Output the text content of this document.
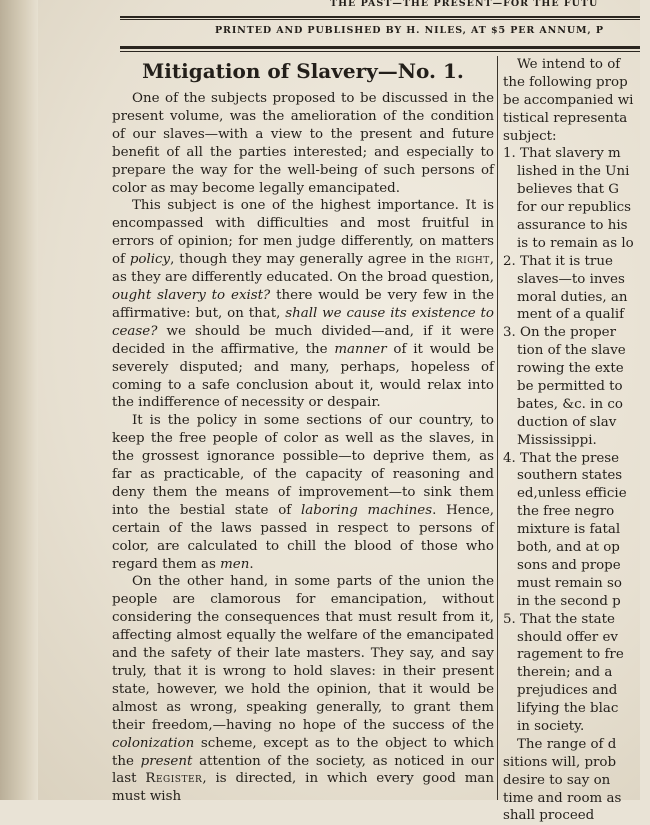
THE PAST—THE PRESENT—FOR THE FUTU
PRINTED AND PUBLISHED BY H. NILES, AT $5 PER ANNUM, P
Mitigation of Slavery—No. 1.

One of the subjects proposed to be discussed in the present volume, was the amelioration of the condition of our slaves—with a view to the present and future benefit of all the parties interested; and especially to prepare the way for the well-being of such persons of color as may become legally emancipated.

This subject is one of the highest importance. It is encompassed with difficulties and most fruitful in errors of opinion; for men judge differently, on matters of policy, though they may generally agree in the right, as they are differently educated. On the broad question, ought slavery to exist? there would be very few in the affirmative: but, on that, shall we cause its existence to cease? we should be much divided—and, if it were decided in the affirmative, the manner of it would be severely disputed; and many, perhaps, hopeless of coming to a safe conclusion about it, would relax into the indifference of necessity or despair.

It is the policy in some sections of our country, to keep the free people of color as well as the slaves, in the grossest ignorance possible—to deprive them, as far as practicable, of the capacity of reasoning and deny them the means of improvement—to sink them into the bestial state of laboring machines. Hence, certain of the laws passed in respect to persons of color, are calculated to chill the blood of those who regard them as men.

On the other hand, in some parts of the union the people are clamorous for emancipation, without considering the consequences that must result from it, affecting almost equally the welfare of the emancipated and the safety of their late masters. They say, and say truly, that it is wrong to hold slaves: in their present state, however, we hold the opinion, that it would be almost as wrong, speaking generally, to grant them their freedom,—having no hope of the success of the colonization scheme, except as to the object to which the present attention of the society, as noticed in our last Register, is directed, in which every good man must wish

We intend to of
the following prop
be accompanied wi
tistical representa
subject:
1. That slavery m
lished in the Uni
believes that G
for our republics
assurance to his
is to remain as lo
2. That it is true
slaves—to inves
moral duties, an
ment of a qualif
3. On the proper
tion of the slave
rowing the exte
be permitted to
bates, &c. in co
duction of slav
Mississippi.
4. That the prese
southern states
ed,unless efficie
the free negro
mixture is fatal
both, and at op
sons and prope
must remain so
in the second p
5. That the state
should offer ev
ragement to fre
therein; and a
prejudices and
lifying the blac
in society.
The range of d
sitions will, prob
desire to say on
time and room as
shall proceed
